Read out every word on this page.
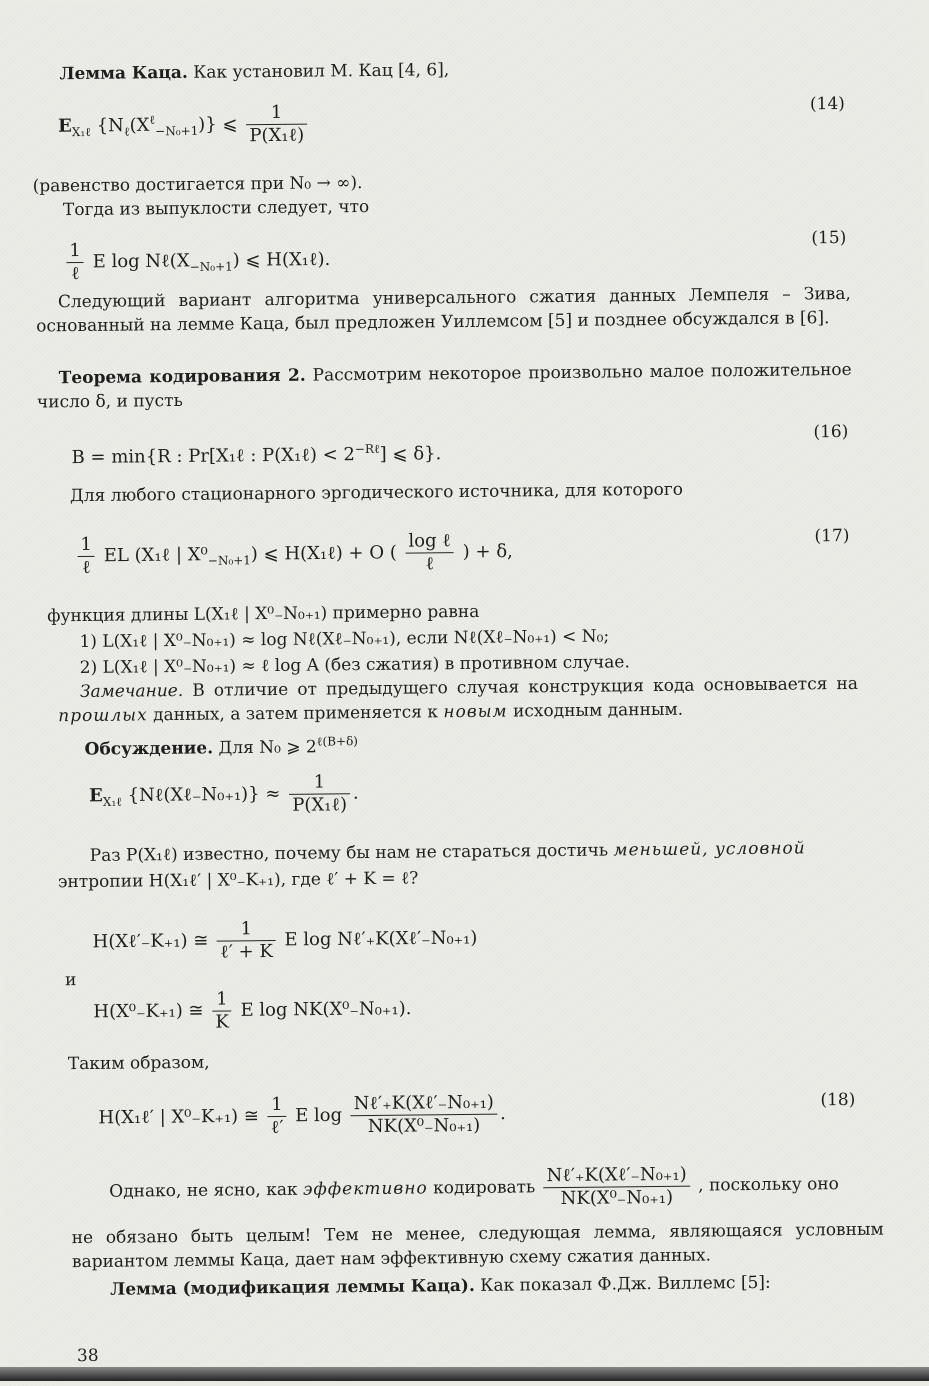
Лемма Каца. Как установил М. Кац [4, 6],
$E_{X_1\ell}$ $\{N_\ell(X^\ell_{-N_0+1})\}$ ⩽ $\frac{1}{\text{P(X₁ℓ)}}$	(14)
(равенство достигается при N₀ → ∞).
Тогда из выпуклости следует, что
$\frac{1}{\text{ℓ}}$ E $\log N\ell(X_{-N_0+1})$ ⩽ H(X₁ℓ).
(15)
Следующий вариант алгоритма универсального сжатия данных Лемпеля – Зива, основанный на лемме Каца, был предложен Уиллемсом [5] и позднее обсуждался в [6].
Теорема кодирования 2. Рассмотрим некоторое произвольно малое положительное число δ, и пусть
B = min{R : Pr[X₁ℓ : P(X₁ℓ) < $2^{-R\ell}$] ⩽ δ}.
(16)
Для любого стационарного эргодического источника, для которого
$\frac{1}{\text{ℓ}}$ EL (X₁ℓ | $X^0_{-N_0+1}$) ⩽ H(X₁ℓ) + O ( $\frac{\text{log ℓ}}{\text{ℓ}}$ ) + δ,
(17)
функция длины L(X₁ℓ | X⁰₋N₀₊₁) примерно равна
1) L(X₁ℓ | X⁰₋N₀₊₁) ≈ log Nℓ(Xℓ₋N₀₊₁), если Nℓ(Xℓ₋N₀₊₁) < N₀;
2) L(X₁ℓ | X⁰₋N₀₊₁) ≈ ℓ log A (без сжатия) в противном случае.
Замечание. В отличие от предыдущего случая конструкция кода основывается на прошлых данных, а затем применяется к новым исходным данным.
Обсуждение. Для N₀ ⩾ $2^{\ell(B+\delta)}$
$E_{X_1\ell}$ {Nℓ(Xℓ₋N₀₊₁)} ≈ $\frac{1}{\text{P(X₁ℓ)}}$ .
Раз P(X₁ℓ) известно, почему бы нам не стараться достичь меньшей, условной
энтропии H(X₁ℓ′ | X⁰₋K₊₁), где ℓ′ + K = ℓ?
H(Xℓ′₋K₊₁) ≅ $\frac{1}{\text{ℓ′ + K}}$ E log Nℓ′₊K(Xℓ′₋N₀₊₁)
и
H(X⁰₋K₊₁) ≅ $\frac{1}{K}$ E log NK(X⁰₋N₀₊₁).
Таким образом,
H(X₁ℓ′ | X⁰₋K₊₁) ≅ $\frac{1}{\text{ℓ′}}$ E $\log \frac{\text{Nℓ′₊K(Xℓ′₋N₀₊₁)}}{\text{NK(X⁰₋N₀₊₁)}}$ .
(18)
Однако, не ясно, как эффективно кодировать $\frac{\text{Nℓ′₊K(Xℓ′₋N₀₊₁)}}{\text{NK(X⁰₋N₀₊₁)}}$ , поскольку оно
не обязано быть целым! Тем не менее, следующая лемма, являющаяся условным вариантом леммы Каца, дает нам эффективную схему сжатия данных.
Лемма (модификация леммы Каца). Как показал Ф.Дж. Виллемс [5]:
38
